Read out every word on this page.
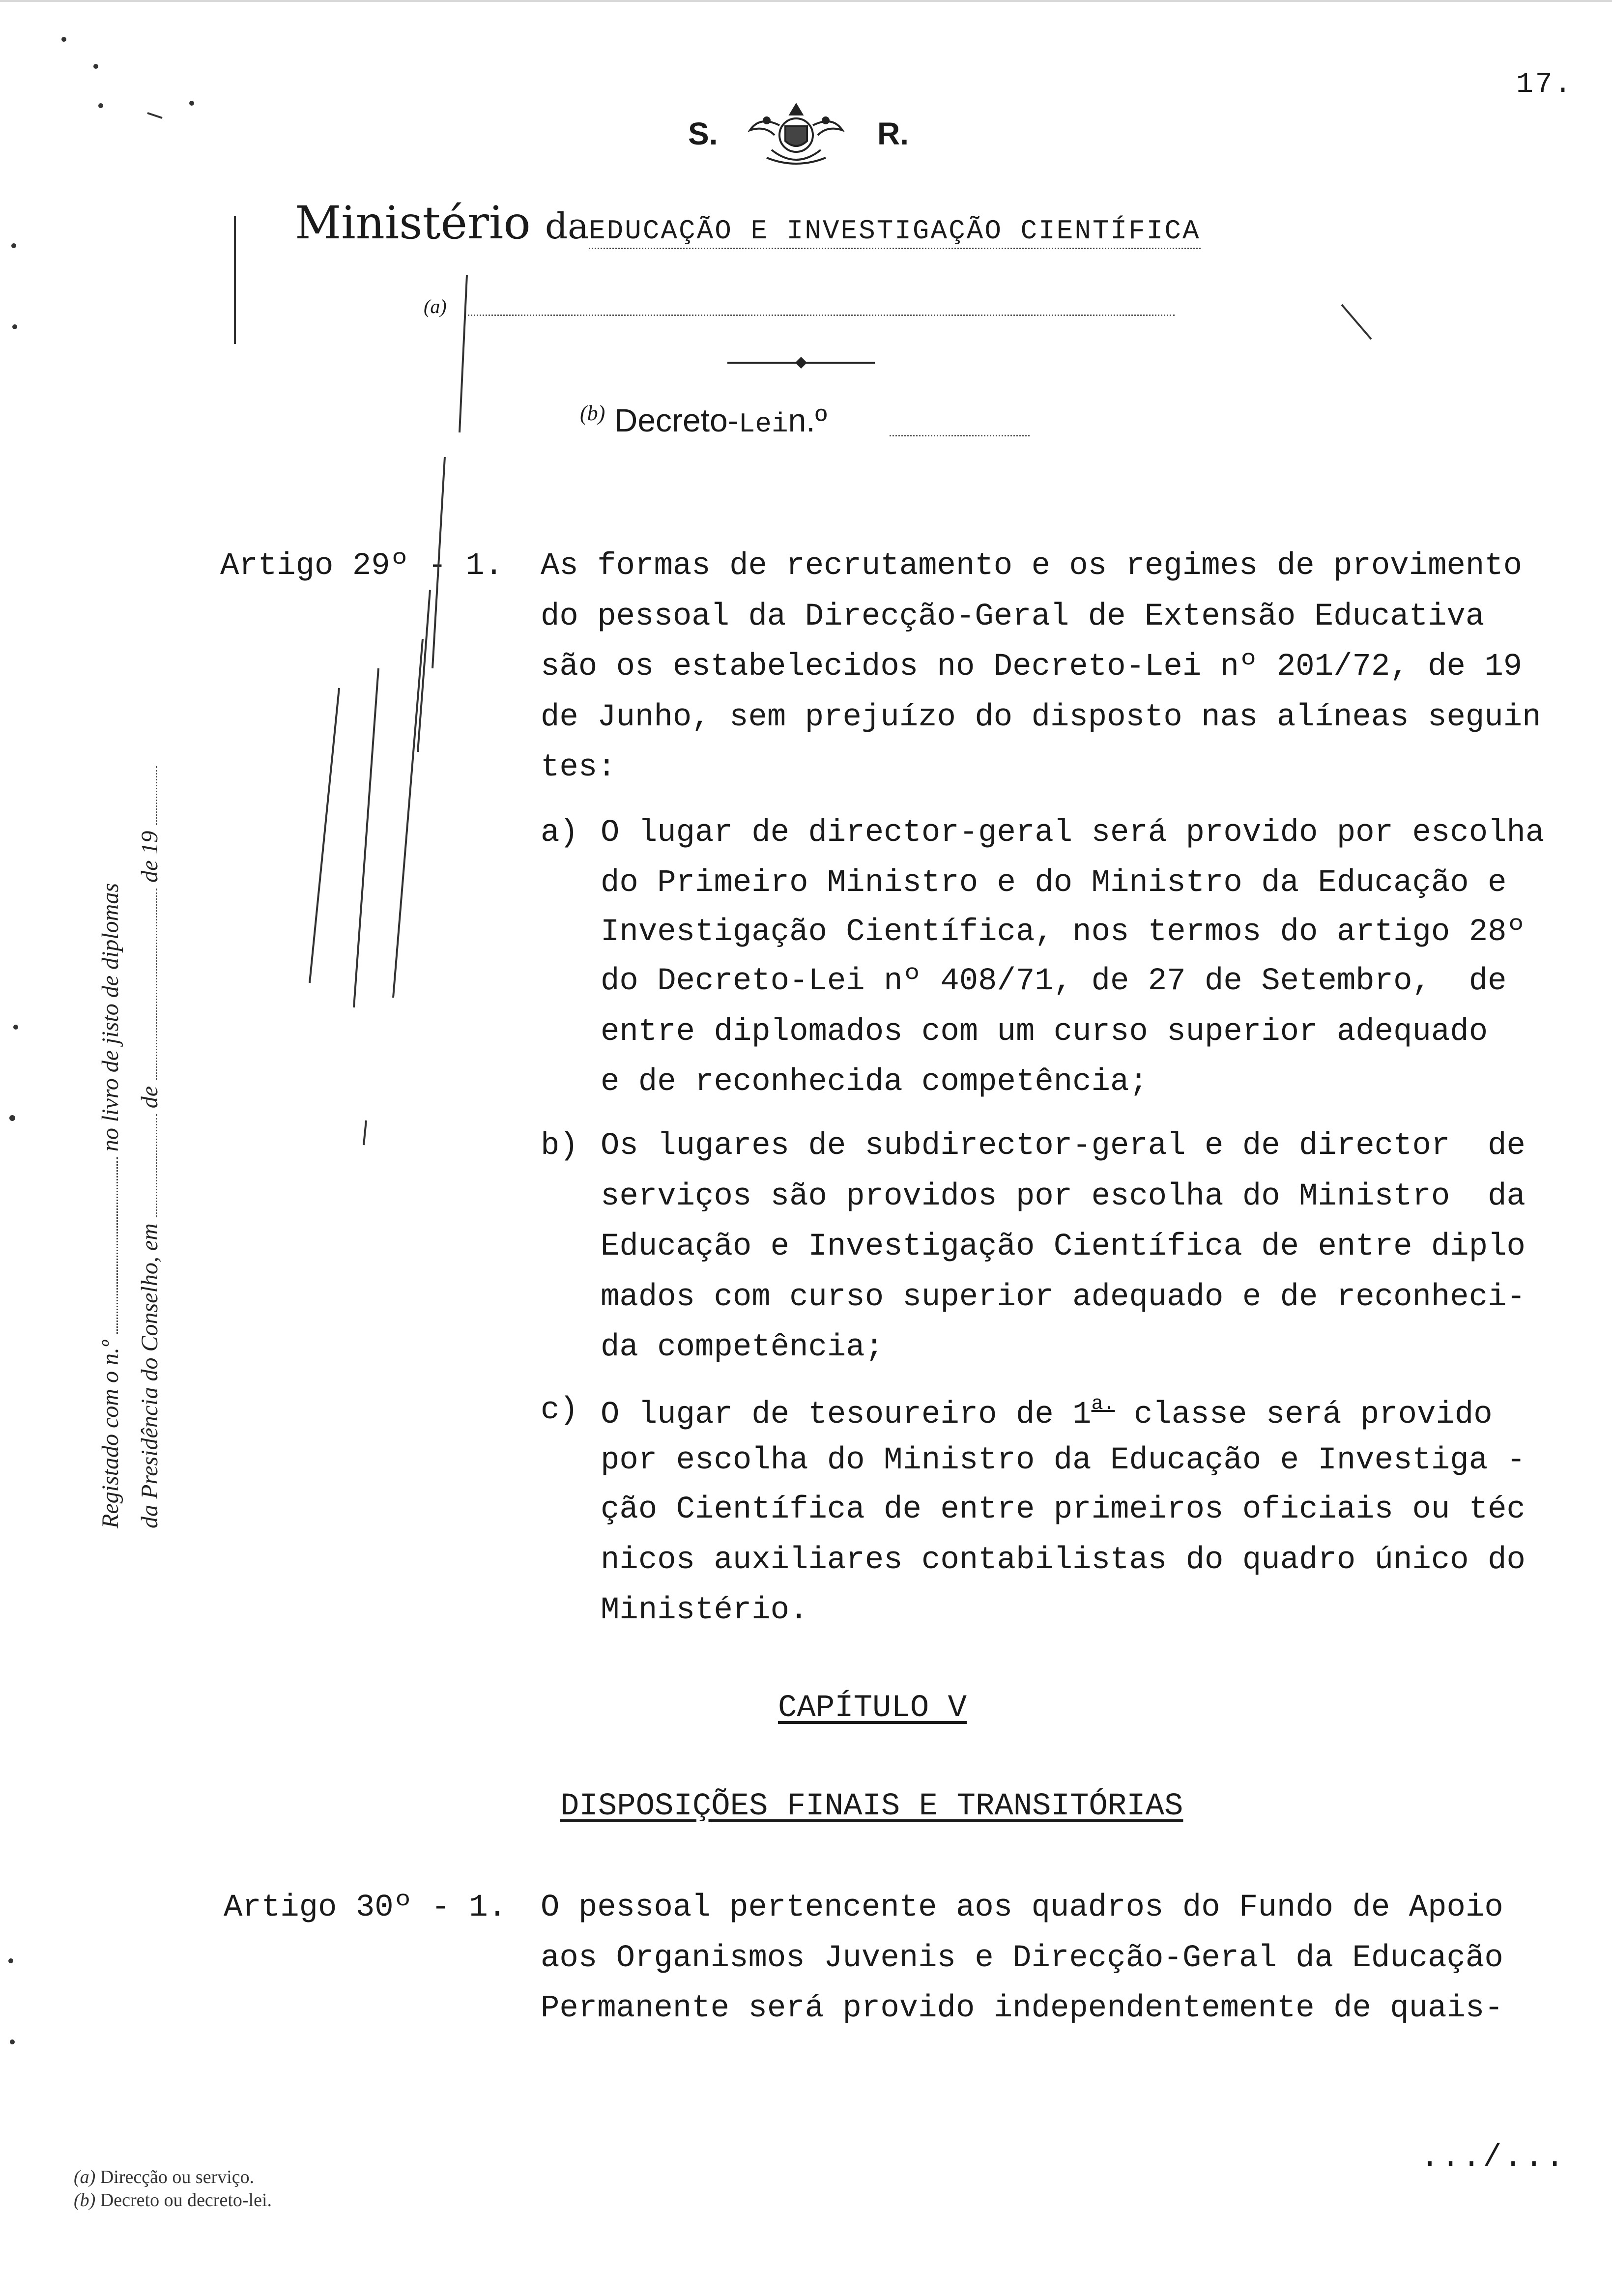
17.
S.	R.
Ministério daEDUCAÇÃO E INVESTIGAÇÃO CIENTÍFICA
(a)
$^{(b)}$ Decreto-Lein.º
Artigo 29º - 1. As formas de recrutamento e os regimes de provimento
do pessoal da Direcção-Geral de Extensão Educativa
são os estabelecidos no Decreto-Lei nº 201/72, de 19
de Junho, sem prejuízo do disposto nas alíneas seguin
tes:
a) O lugar de director-geral será provido por escolha
do Primeiro Ministro e do Ministro da Educação e
Investigação Científica, nos termos do artigo 28º
do Decreto-Lei nº 408/71, de 27 de Setembro,  de
entre diplomados com um curso superior adequado
e de reconhecida competência;
b) Os lugares de subdirector-geral e de director  de
serviços são providos por escolha do Ministro  da
Educação e Investigação Científica de entre diplo
mados com curso superior adequado e de reconheci-
da competência;
c) O lugar de tesoureiro de $1^{a.}$ classe será provido
por escolha do Ministro da Educação e Investiga -
ção Científica de entre primeiros oficiais ou téc
nicos auxiliares contabilistas do quadro único do
Ministério.
CAPÍTULO V
DISPOSIÇÕES FINAIS E TRANSITÓRIAS
Artigo 30º - 1. O pessoal pertencente aos quadros do Fundo de Apoio
aos Organismos Juvenis e Direcção-Geral da Educação
Permanente será provido independentemente de quais-
.../...
(a) Direcção ou serviço.
(b) Decreto ou decreto-lei.
Registado com o n.º  no livro de jisto de diplomas
da Presidência do Conselho, em  de  de 19
